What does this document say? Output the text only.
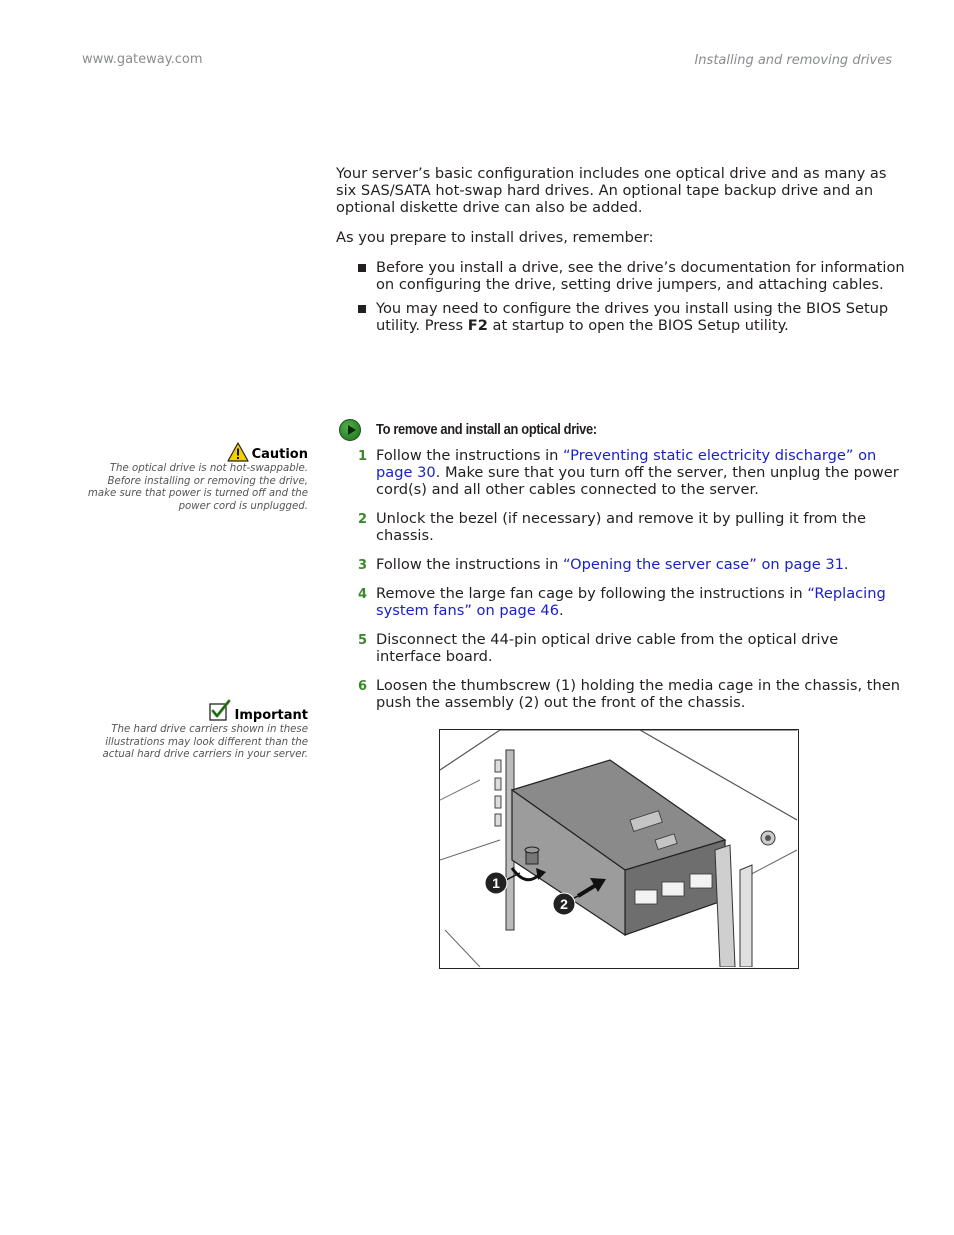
www.gateway.com	Installing and removing drives

Your server’s basic configuration includes one optical drive and as many as six SAS/SATA hot-swap hard drives. An optional tape backup drive and an optional diskette drive can also be added.

As you prepare to install drives, remember:

Before you install a drive, see the drive’s documentation for information on configuring the drive, setting drive jumpers, and attaching cables.
You may need to configure the drives you install using the BIOS Setup utility. Press F2 at startup to open the BIOS Setup utility.
Caution
The optical drive is not hot-swappable. Before installing or removing the drive, make sure that power is turned off and the power cord is unplugged.
Important
The hard drive carriers shown in these illustrations may look different than the actual hard drive carriers in your server.
To remove and install an optical drive:
1 Follow the instructions in “Preventing static electricity discharge” on page 30. Make sure that you turn off the server, then unplug the power cord(s) and all other cables connected to the server.
2 Unlock the bezel (if necessary) and remove it by pulling it from the chassis.
3 Follow the instructions in “Opening the server case” on page 31.
4 Remove the large fan cage by following the instructions in “Replacing system fans” on page 46.
5 Disconnect the 44-pin optical drive cable from the optical drive interface board.
6 Loosen the thumbscrew (1) holding the media cage in the chassis, then push the assembly (2) out the front of the chassis.
1
2
